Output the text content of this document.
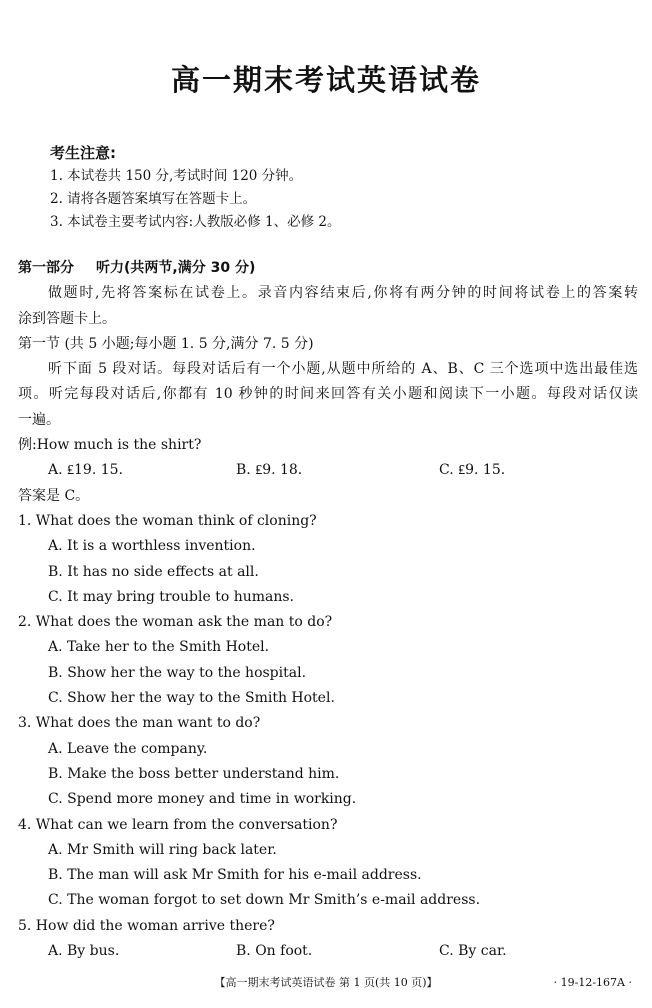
高一期末考试英语试卷
考生注意:
1. 本试卷共 150 分,考试时间 120 分钟。
2. 请将各题答案填写在答题卡上。
3. 本试卷主要考试内容:人教版必修 1、必修 2。
第一部分 听力(共两节,满分 30 分)
做题时,先将答案标在试卷上。录音内容结束后,你将有两分钟的时间将试卷上的答案转
涂到答题卡上。
第一节 (共 5 小题;每小题 1. 5 分,满分 7. 5 分)
听下面 5 段对话。每段对话后有一个小题,从题中所给的 A、B、C 三个选项中选出最佳选
项。听完每段对话后,你都有 10 秒钟的时间来回答有关小题和阅读下一小题。每段对话仅读
一遍。
例:How much is the shirt?
A. ₤19. 15.	B. ₤9. 18.	C. ₤9. 15.
答案是 C。
1. What does the woman think of cloning?
A. It is a worthless invention.
B. It has no side effects at all.
C. It may bring trouble to humans.
2. What does the woman ask the man to do?
A. Take her to the Smith Hotel.
B. Show her the way to the hospital.
C. Show her the way to the Smith Hotel.
3. What does the man want to do?
A. Leave the company.
B. Make the boss better understand him.
C. Spend more money and time in working.
4. What can we learn from the conversation?
A. Mr Smith will ring back later.
B. The man will ask Mr Smith for his e-mail address.
C. The woman forgot to set down Mr Smith’s e-mail address.
5. How did the woman arrive there?
A. By bus.	B. On foot.	C. By car.
【高一期末考试英语试卷 第 1 页(共 10 页)】	· 19-12-167A ·
